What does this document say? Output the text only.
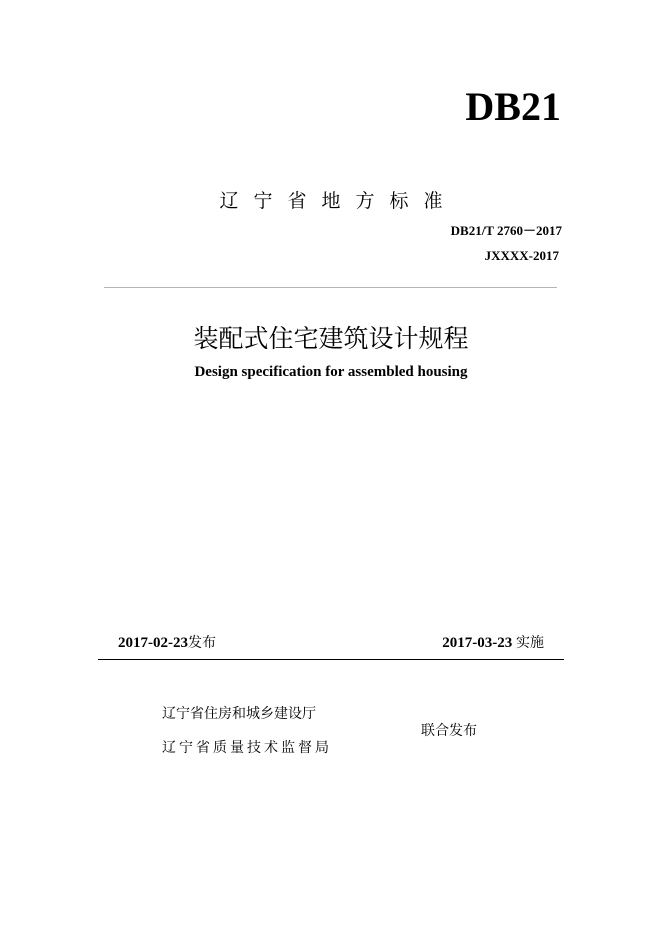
DB21
辽宁省地方标准
DB21/T 2760－2017
JXXXX-2017
装配式住宅建筑设计规程
Design specification for assembled housing
2017-02-23发布	2017-03-23 实施
辽宁省住房和城乡建设厅
辽宁省质量技术监督局
联合发布
